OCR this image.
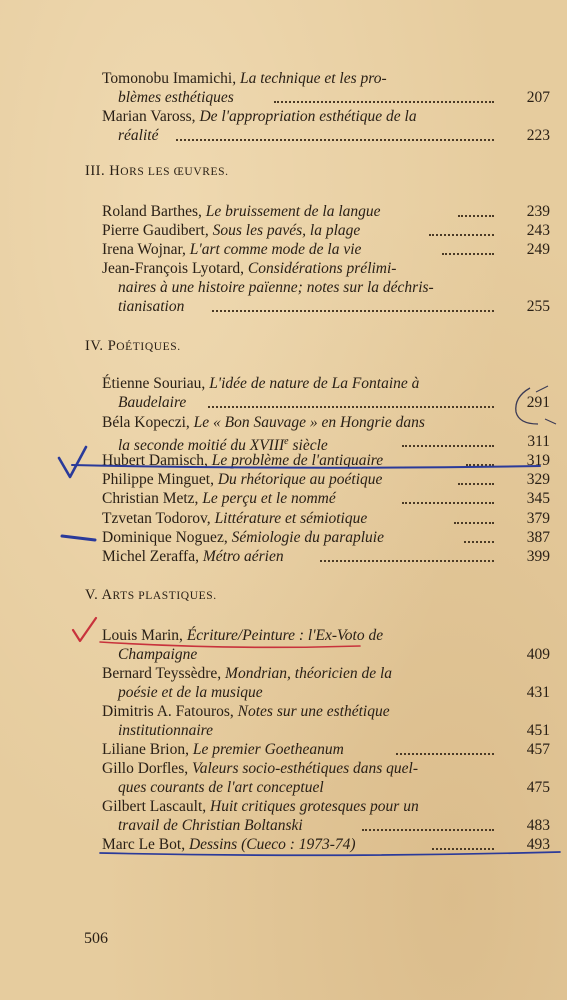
Tomonobu Imamichi, La technique et les pro-
blèmes esthétiques	207
Marian Vaross, De l'appropriation esthétique de la
réalité	223
III. HORS LES ŒUVRES.
Roland Barthes, Le bruissement de la langue	239
Pierre Gaudibert, Sous les pavés, la plage	243
Irena Wojnar, L'art comme mode de la vie	249
Jean-François Lyotard, Considérations prélimi-
naires à une histoire païenne; notes sur la déchris-
tianisation	255
IV. POÉTIQUES.
Étienne Souriau, L'idée de nature de La Fontaine à
Baudelaire	291
Béla Kopeczi, Le « Bon Sauvage » en Hongrie dans
la seconde moitié du XVIIIe siècle	311
Hubert Damisch, Le problème de l'antiquaire	319
Philippe Minguet, Du rhétorique au poétique	329
Christian Metz, Le perçu et le nommé	345
Tzvetan Todorov, Littérature et sémiotique	379
Dominique Noguez, Sémiologie du parapluie	387
Michel Zeraffa, Métro aérien	399
V. ARTS PLASTIQUES.
Louis Marin, Écriture/Peinture : l'Ex-Voto de
Champaigne	409
Bernard Teyssèdre, Mondrian, théoricien de la
poésie et de la musique	431
Dimitris A. Fatouros, Notes sur une esthétique
institutionnaire	451
Liliane Brion, Le premier Goetheanum	457
Gillo Dorfles, Valeurs socio-esthétiques dans quel-
ques courants de l'art conceptuel	475
Gilbert Lascault, Huit critiques grotesques pour un
travail de Christian Boltanski	483
Marc Le Bot, Dessins (Cueco : 1973-74)	493
506
